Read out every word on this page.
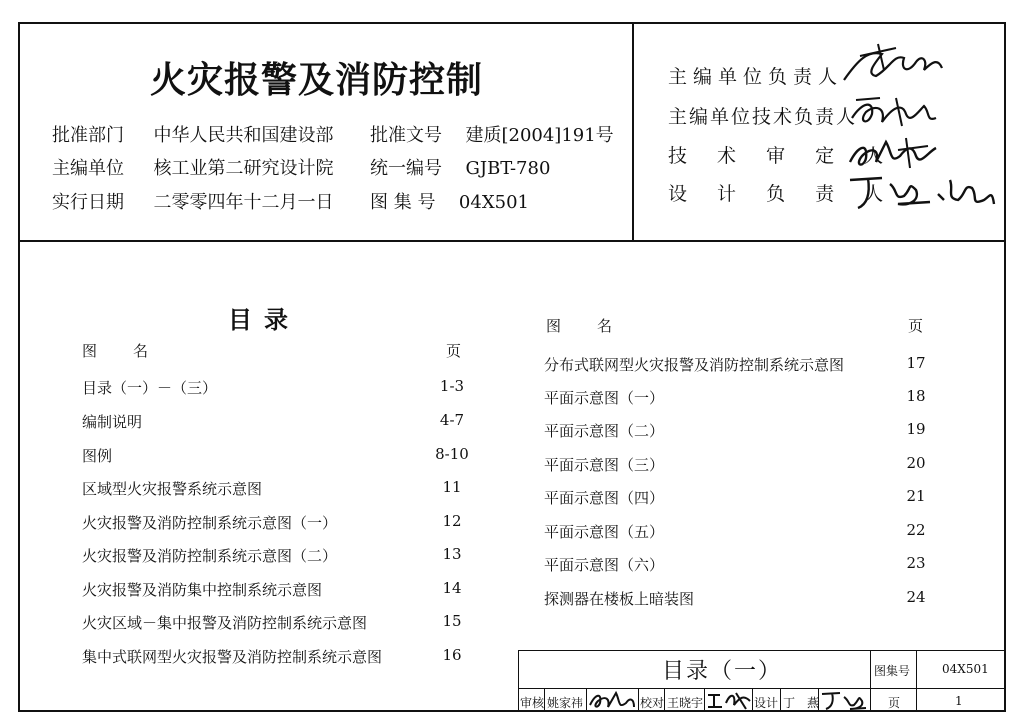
火灾报警及消防控制
批准部门 中华人民共和国建设部 批准文号 建质[2004]191号
主编单位 核工业第二研究设计院 统一编号 GJBT-780
实行日期 二零零四年十二月一日 图 集 号 04X501
主编单位负责人
主编单位技术负责人
技 术 审 定 人
设 计 负 责 人
目录
图　　名	页
图　　名	页
目录（一）－（三）	1-3
编制说明	4-7
图例	8-10
区域型火灾报警系统示意图	11
火灾报警及消防控制系统示意图（一）	12
火灾报警及消防控制系统示意图（二）	13
火灾报警及消防集中控制系统示意图	14
火灾区域－集中报警及消防控制系统示意图	15
集中式联网型火灾报警及消防控制系统示意图	16
分布式联网型火灾报警及消防控制系统示意图	17
平面示意图（一）	18
平面示意图（二）	19
平面示意图（三）	20
平面示意图（四）	21
平面示意图（五）	22
平面示意图（六）	23
探测器在楼板上暗装图	24
目录（一）	图集号	04X501
审核 姚家祎	校对 王晓宇	设计 丁　燕	页	1
